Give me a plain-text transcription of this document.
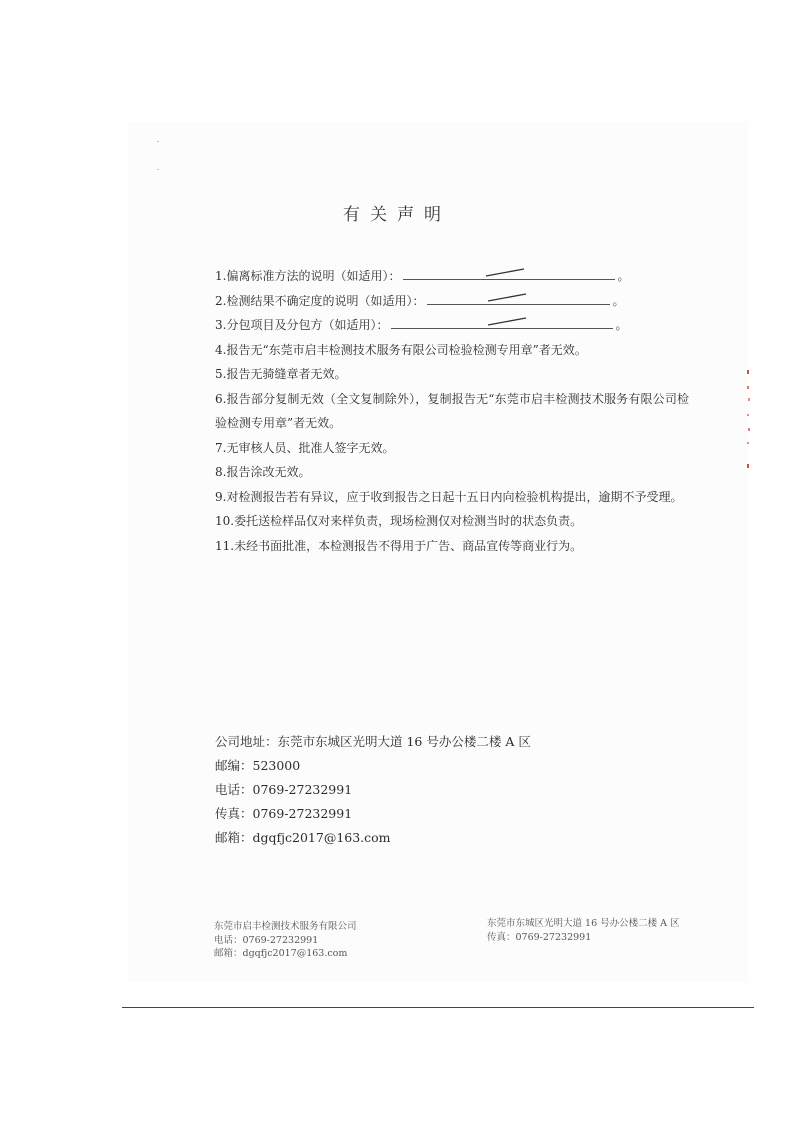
有关声明
1.偏离标准方法的说明（如适用）：	。
2.检测结果不确定度的说明（如适用）：	。
3.分包项目及分包方（如适用）：	。
4.报告无“东莞市启丰检测技术服务有限公司检验检测专用章”者无效。
5.报告无骑缝章者无效。
6.报告部分复制无效（全文复制除外），复制报告无“东莞市启丰检测技术服务有限公司检验检测专用章”者无效。
7.无审核人员、批准人签字无效。
8.报告涂改无效。
9.对检测报告若有异议，应于收到报告之日起十五日内向检验机构提出，逾期不予受理。
10.委托送检样品仅对来样负责，现场检测仅对检测当时的状态负责。
11.未经书面批准，本检测报告不得用于广告、商品宣传等商业行为。
公司地址：东莞市东城区光明大道 16 号办公楼二楼 A 区
邮编：523000
电话：0769-27232991
传真：0769-27232991
邮箱：dgqfjc2017@163.com
东莞市启丰检测技术服务有限公司
电话：0769-27232991
邮箱：dgqfjc2017@163.com
东莞市东城区光明大道 16 号办公楼二楼 A 区
传真：0769-27232991
